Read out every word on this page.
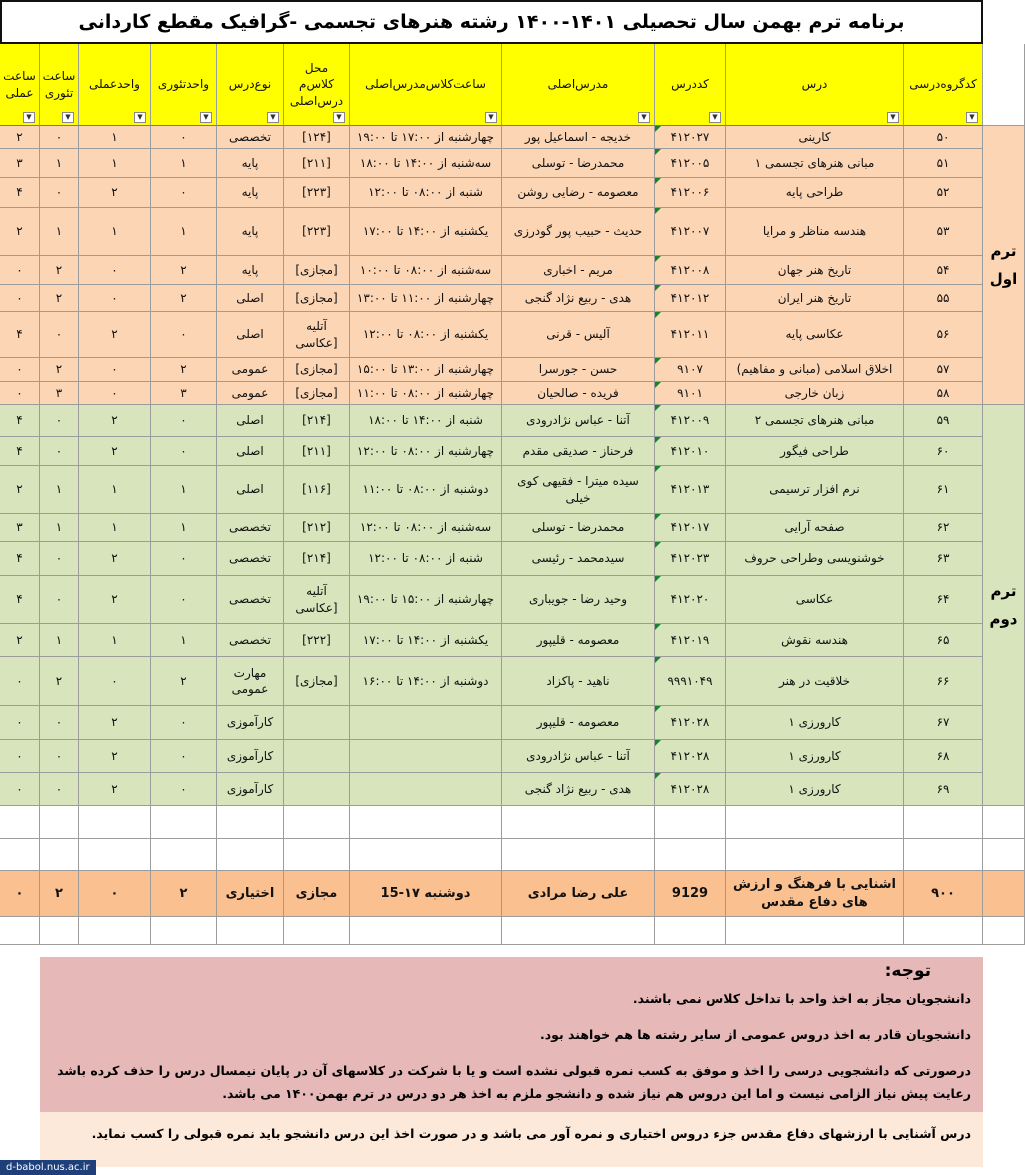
برنامه ترم بهمن سال تحصیلی ۱۴۰۱-۱۴۰۰ رشته هنرهای تجسمی -گرافیک مقطع کاردانی
کدگروه‌درسی
▼
درس
▼
کددرس
▼
مدرس‌اصلی
▼
ساعت‌کلاس‌مدرس‌اصلی
▼
محل کلاس‌م درس‌اصلی
▼
نوع‌درس
▼
واحدتئوری
▼
واحدعملی
▼
ساعت تئوری
▼
ساعت عملی
▼
۵۰
کارینی
۴۱۲۰۲۷
خدیجه - اسماعیل پور
چهارشنبه از ۱۷:۰۰ تا ۱۹:۰۰
[۱۲۴]
تخصصی
۰
۱
۰
۲
۵۱
مبانی هنرهای تجسمی ۱
۴۱۲۰۰۵
محمدرضا - توسلی
سه‌شنبه از ۱۴:۰۰ تا ۱۸:۰۰
[۲۱۱]
پایه
۱
۱
۱
۳
۵۲
طراحی پایه
۴۱۲۰۰۶
معصومه - رضایی روشن
شنبه از ۰۸:۰۰ تا ۱۲:۰۰
[۲۲۳]
پایه
۰
۲
۰
۴
۵۳
هندسه مناظر و مرایا
۴۱۲۰۰۷
حدیث - حبیب پور گودرزی
یکشنبه از ۱۴:۰۰ تا ۱۷:۰۰
[۲۲۳]
پایه
۱
۱
۱
۲
۵۴
تاریخ هنر جهان
۴۱۲۰۰۸
مریم - اخباری
سه‌شنبه از ۰۸:۰۰ تا ۱۰:۰۰
[مجازی]
پایه
۲
۰
۲
۰
۵۵
تاریخ هنر ایران
۴۱۲۰۱۲
هدی - ربیع نژاد گنجی
چهارشنبه از ۱۱:۰۰ تا ۱۳:۰۰
[مجازی]
اصلی
۲
۰
۲
۰
۵۶
عکاسی پایه
۴۱۲۰۱۱
آلیس - قرنی
یکشنبه از ۰۸:۰۰ تا ۱۲:۰۰
آتلیه [عکاسی
اصلی
۰
۲
۰
۴
۵۷
اخلاق اسلامی (مبانی و مفاهیم)
۹۱۰۷
حسن - جورسرا
چهارشنبه از ۱۳:۰۰ تا ۱۵:۰۰
[مجازی]
عمومی
۲
۰
۲
۰
۵۸
زبان خارجی
۹۱۰۱
فریده - صالحیان
چهارشنبه از ۰۸:۰۰ تا ۱۱:۰۰
[مجازی]
عمومی
۳
۰
۳
۰
۵۹
مبانی هنرهای تجسمی ۲
۴۱۲۰۰۹
آتنا - عباس نژادرودی
شنبه از ۱۴:۰۰ تا ۱۸:۰۰
[۲۱۴]
اصلی
۰
۲
۰
۴
۶۰
طراحی فیگور
۴۱۲۰۱۰
فرحناز - صدیقی مقدم
چهارشنبه از ۰۸:۰۰ تا ۱۲:۰۰
[۲۱۱]
اصلی
۰
۲
۰
۴
۶۱
نرم افزار ترسیمی
۴۱۲۰۱۳
سیده میترا - فقیهی کوی خیلی
دوشنبه از ۰۸:۰۰ تا ۱۱:۰۰
[۱۱۶]
اصلی
۱
۱
۱
۲
۶۲
صفحه آرایی
۴۱۲۰۱۷
محمدرضا - توسلی
سه‌شنبه از ۰۸:۰۰ تا ۱۲:۰۰
[۲۱۲]
تخصصی
۱
۱
۱
۳
۶۳
خوشنویسی وطراحی حروف
۴۱۲۰۲۳
سیدمحمد - رئیسی
شنبه از ۰۸:۰۰ تا ۱۲:۰۰
[۲۱۴]
تخصصی
۰
۲
۰
۴
۶۴
عکاسی
۴۱۲۰۲۰
وحید رضا - جویباری
چهارشنبه از ۱۵:۰۰ تا ۱۹:۰۰
آتلیه [عکاسی
تخصصی
۰
۲
۰
۴
۶۵
هندسه نقوش
۴۱۲۰۱۹
معصومه - قلیپور
یکشنبه از ۱۴:۰۰ تا ۱۷:۰۰
[۲۲۲]
تخصصی
۱
۱
۱
۲
۶۶
خلاقیت در هنر
۹۹۹۱۰۴۹
ناهید - پاکزاد
دوشنبه از ۱۴:۰۰ تا ۱۶:۰۰
[مجازی]
مهارت عمومی
۲
۰
۲
۰
۶۷
کارورزی ۱
۴۱۲۰۲۸
معصومه - قلیپور
کارآموزی
۰
۲
۰
۰
۶۸
کارورزی ۱
۴۱۲۰۲۸
آتنا - عباس نژادرودی
کارآموزی
۰
۲
۰
۰
۶۹
کارورزی ۱
۴۱۲۰۲۸
هدی - ربیع نژاد گنجی
کارآموزی
۰
۲
۰
۰
ترم اول
ترم دوم
۹۰۰
اشنایی با فرهنگ و ارزش های دفاع مقدس
9129
علی رضا مرادی
دوشنبه ۱۷-15
مجازی
اختیاری
۲
۰
۲
۰
توجه:
دانشجویان مجاز به اخذ واحد با تداخل کلاس نمی باشند.
دانشجویان قادر به اخذ دروس عمومی از سایر رشته ها هم خواهند بود.
درصورتی که دانشجویی درسی را اخذ و موفق به کسب نمره قبولی نشده است و یا با شرکت در کلاسهای آن در پایان نیمسال درس را حذف کرده باشد رعایت پیش نیاز الزامی نیست و اما این دروس هم نیاز شده و دانشجو ملزم به اخذ هر دو درس در ترم بهمن۱۴۰۰ می باشد.
درس آشنایی با ارزشهای دفاع مقدس جزء دروس اختیاری و نمره آور می باشد و در صورت اخذ این درس دانشجو باید نمره قبولی را کسب نماید.
d-babol.nus.ac.ir
